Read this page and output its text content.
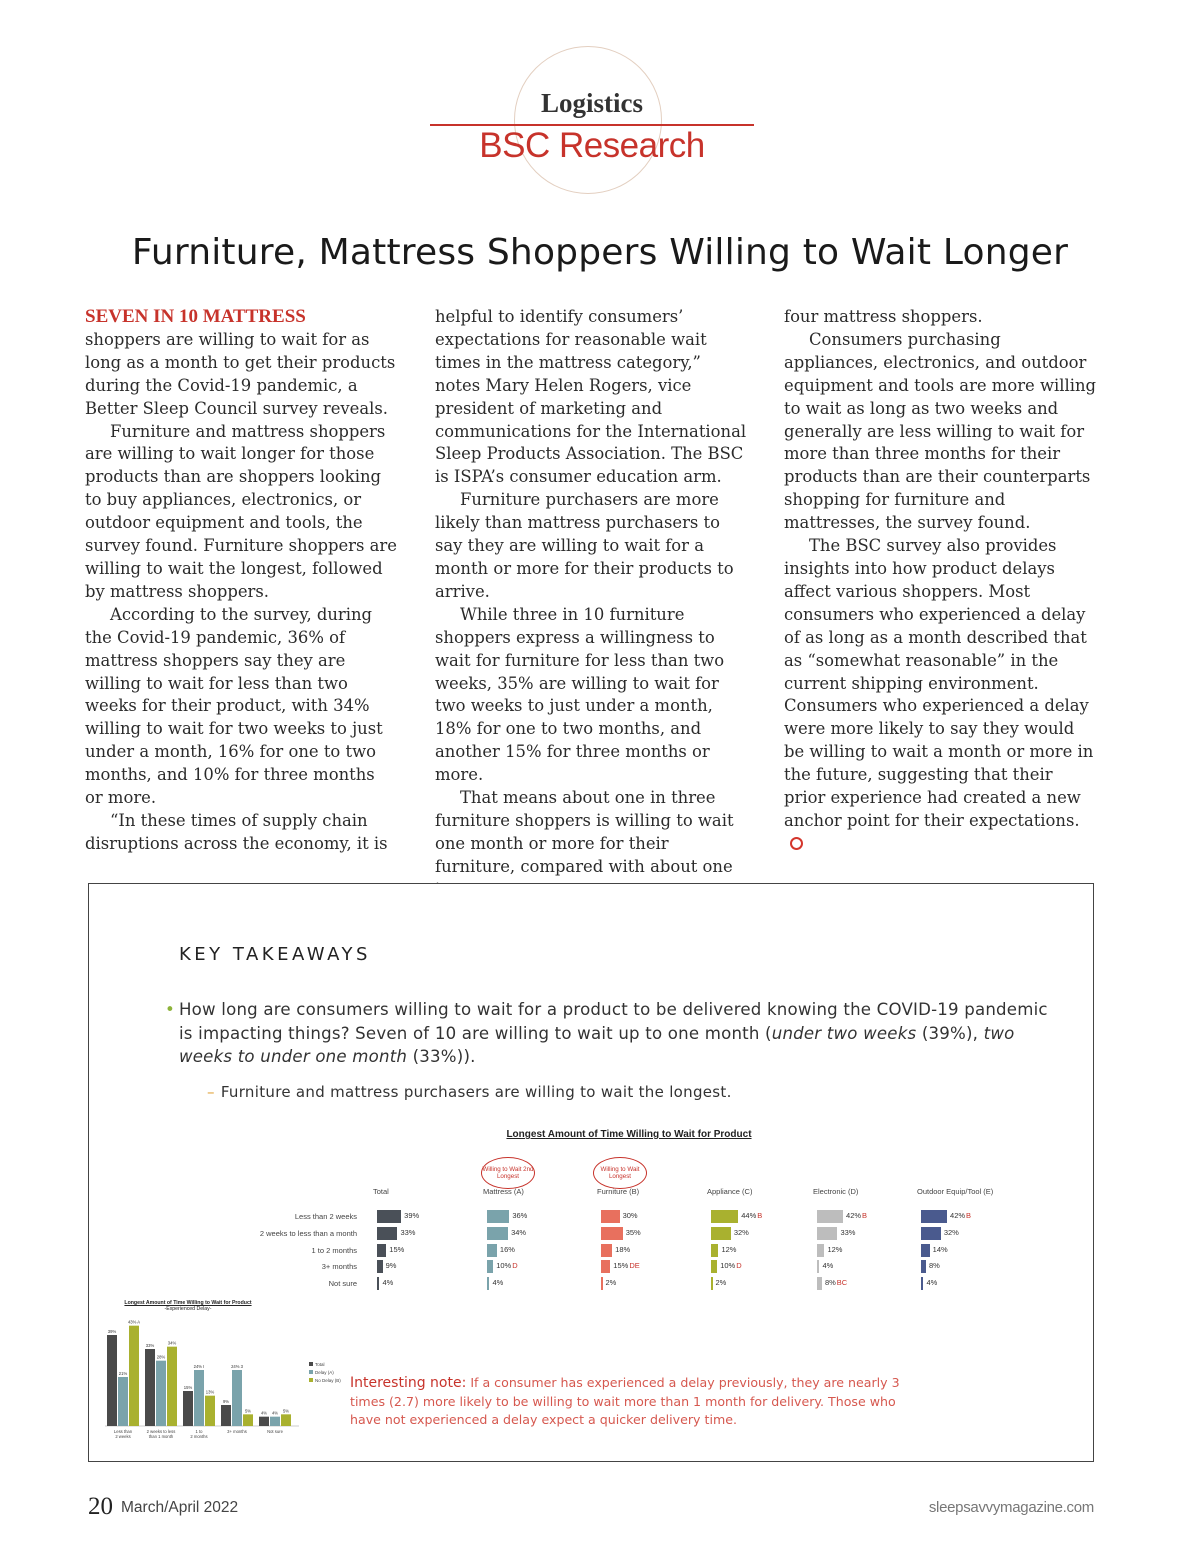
Logistics
BSC Research
Furniture, Mattress Shoppers Willing to Wait Longer

SEVEN IN 10 MATTRESS
shoppers are willing to wait for as long as a month to get their products during the Covid-19 pandemic, a Better Sleep Council survey reveals.

Furniture and mattress shoppers are willing to wait longer for those products than are shoppers looking to buy appliances, electronics, or outdoor equipment and tools, the survey found. Furniture shoppers are willing to wait the longest, followed by mattress shoppers.

According to the survey, during the Covid-19 pandemic, 36% of mattress shoppers say they are willing to wait for less than two weeks for their product, with 34% willing to wait for two weeks to just under a month, 16% for one to two months, and 10% for three months or more.

“In these times of supply chain disruptions across the economy, it is

helpful to identify consumers’ expectations for reasonable wait times in the mattress category,” notes Mary Helen Rogers, vice president of marketing and communications for the International Sleep Products Association. The BSC is ISPA’s consumer education arm.

Furniture purchasers are more likely than mattress purchasers to say they are willing to wait for a month or more for their products to arrive.

While three in 10 furniture shoppers express a willingness to wait for furniture for less than two weeks, 35% are willing to wait for two weeks to just under a month, 18% for one to two months, and another 15% for three months or more.

That means about one in three furniture shoppers is willing to wait one month or more for their furniture, compared with about one

four mattress shoppers.

Consumers purchasing appliances, electronics, and outdoor equipment and tools are more willing to wait as long as two weeks and generally are less willing to wait for more than three months for their products than are their counterparts shopping for furniture and mattresses, the survey found.

The BSC survey also provides insights into how product delays affect various shoppers. Most consumers who experienced a delay of as long as a month described that as “somewhat reasonable” in the current shipping environment. Consumers who experienced a delay were more likely to say they would be willing to wait a month or more in the future, suggesting that their prior experience had created a new anchor point for their expectations.

KEY TAKEAWAYS
• How long are consumers willing to wait for a product to be delivered knowing the COVID-19 pandemic is impacting things? Seven of 10 are willing to wait up to one month (under two weeks (39%), two weeks to under one month (33%)).
– Furniture and mattress purchasers are willing to wait the longest.
Longest Amount of Time Willing to Wait for Product
Willing to Wait 2nd Longest
Willing to Wait Longest
Less than 2 weeks
2 weeks to less than a month
1 to 2 months
3+ months
Not sure
Total
39%
33%
15%
9%
4%
Mattress (A)
36%
34%
16%
10%D
4%
Furniture (B)
30%
35%
18%
15%DE
2%
Appliance (C)
44%B
32%
12%
10%D
2%
Electronic (D)
42%B
33%
12%
4%
8%BC
Outdoor Equip/Tool (E)
42%B
32%
14%
8%
4%
Longest Amount of Time Willing to Wait for Product
-Experienced Delay-
39%
21%
43% A
Less than
2 weeks
33%
28%
34%
2 weeks to less
than 1 month
15%
24% I
13%
1 to
2 months
9%
24% 3
5%
3+ months
4% 4% 5%
Not sure
Total
Delay (A)
No Delay (B) Interesting note: If a consumer has experienced a delay previously, they are nearly 3 times (2.7) more likely to be willing to wait more than 1 month for delivery. Those who have not experienced a delay expect a quicker delivery time.
20 March/April 2022	sleepsavvymagazine.com
